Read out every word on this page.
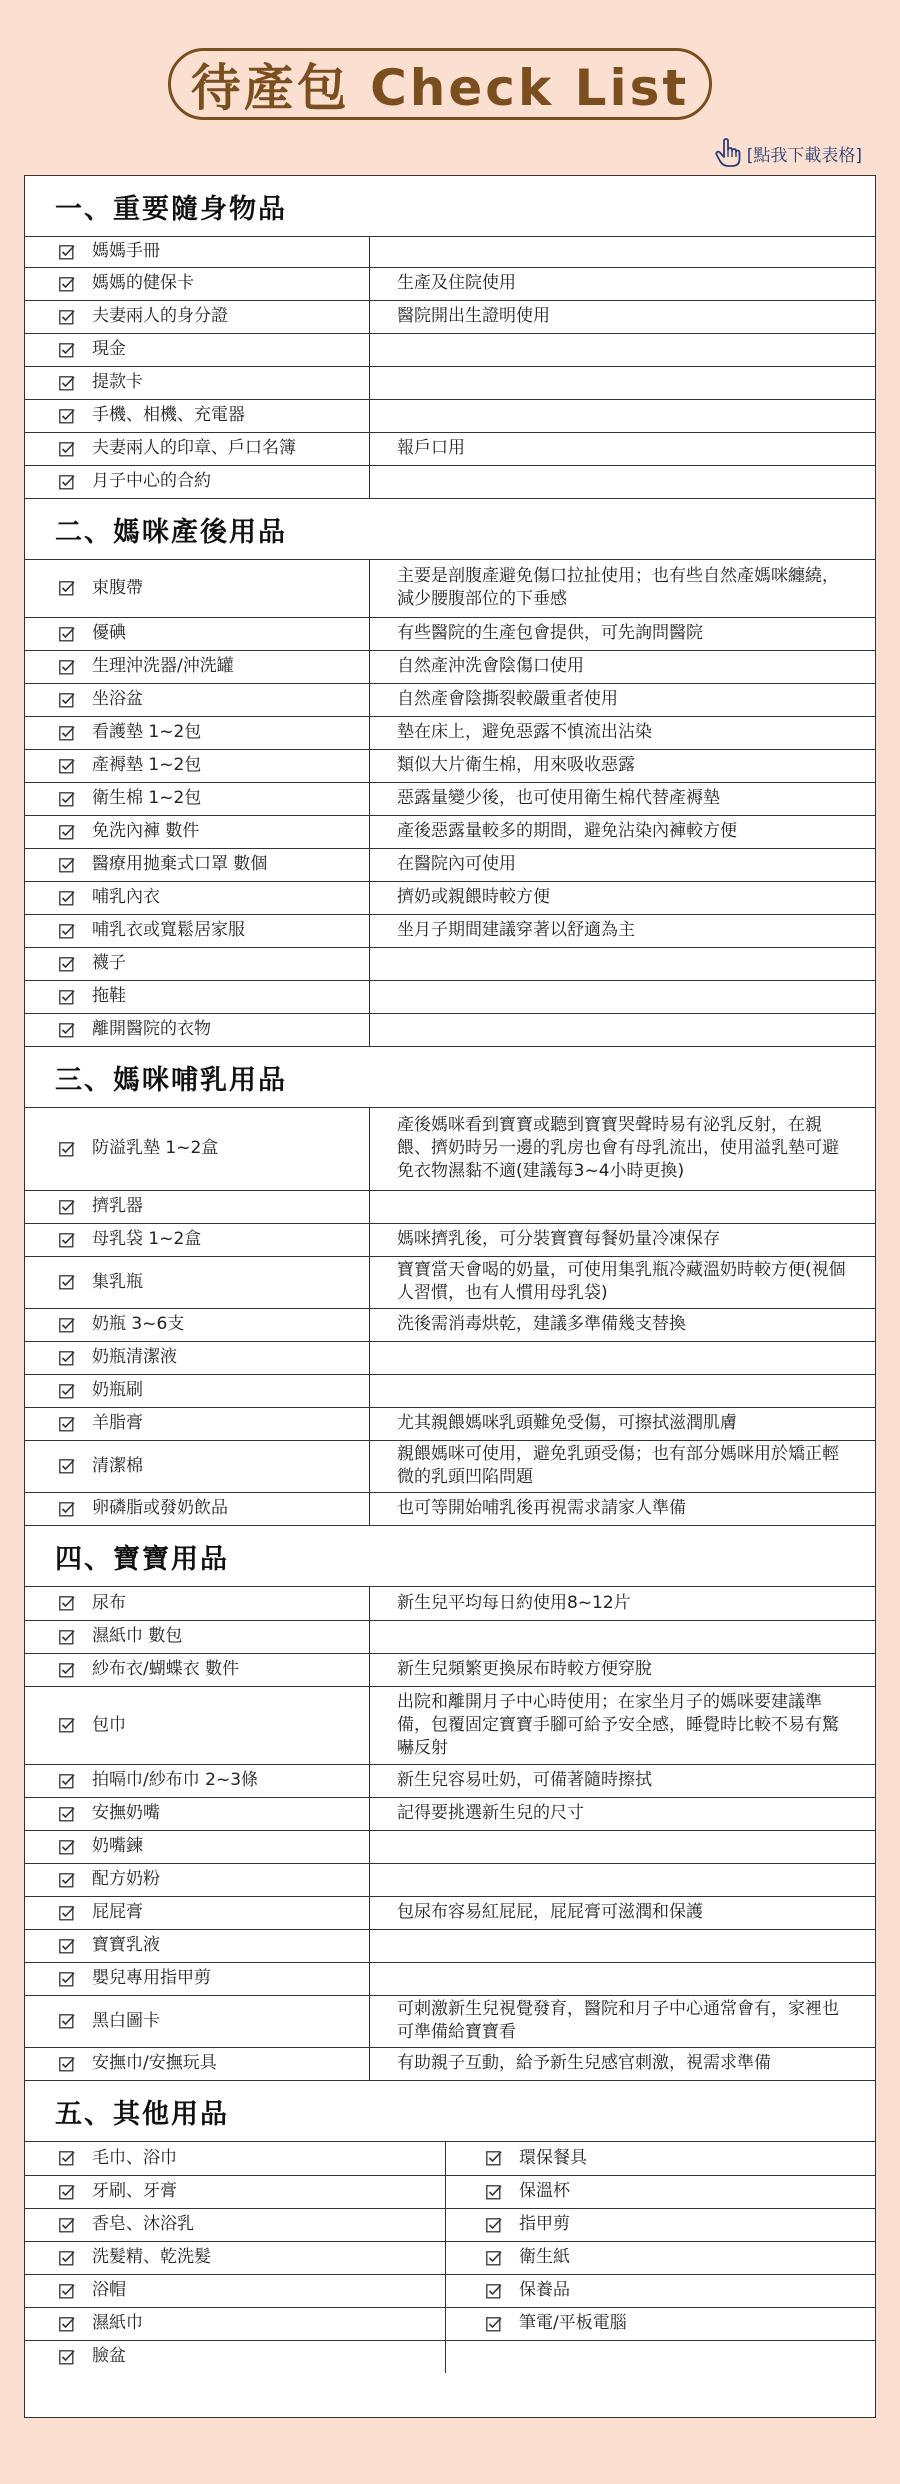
待產包 Check List
[點我下載表格]
一、重要隨身物品
媽媽手冊	

媽媽的健保卡	生產及住院使用

夫妻兩人的身分證	醫院開出生證明使用

現金	

提款卡	

手機、相機、充電器	

夫妻兩人的印章、戶口名簿	報戶口用

月子中心的合約	

二、媽咪產後用品
束腹帶	主要是剖腹產避免傷口拉扯使用；也有些自然產媽咪纏繞，減少腰腹部位的下垂感

優碘	有些醫院的生產包會提供，可先詢問醫院

生理沖洗器/沖洗罐	自然產沖洗會陰傷口使用

坐浴盆	自然產會陰撕裂較嚴重者使用

看護墊 1~2包	墊在床上，避免惡露不慎流出沾染

產褥墊 1~2包	類似大片衛生棉，用來吸收惡露

衛生棉 1~2包	惡露量變少後，也可使用衛生棉代替產褥墊

免洗內褲 數件	產後惡露量較多的期間，避免沾染內褲較方便

醫療用拋棄式口罩 數個	在醫院內可使用

哺乳內衣	擠奶或親餵時較方便

哺乳衣或寬鬆居家服	坐月子期間建議穿著以舒適為主

襪子	

拖鞋	

離開醫院的衣物	

三、媽咪哺乳用品
防溢乳墊 1~2盒	產後媽咪看到寶寶或聽到寶寶哭聲時易有泌乳反射，在親餵、擠奶時另一邊的乳房也會有母乳流出，使用溢乳墊可避免衣物濕黏不適(建議每3~4小時更換)

擠乳器	

母乳袋 1~2盒	媽咪擠乳後，可分裝寶寶每餐奶量冷凍保存

集乳瓶	寶寶當天會喝的奶量，可使用集乳瓶冷藏溫奶時較方便(視個人習慣，也有人慣用母乳袋)

奶瓶 3~6支	洗後需消毒烘乾，建議多準備幾支替換

奶瓶清潔液	

奶瓶刷	

羊脂膏	尤其親餵媽咪乳頭難免受傷，可擦拭滋潤肌膚

清潔棉	親餵媽咪可使用，避免乳頭受傷；也有部分媽咪用於矯正輕微的乳頭凹陷問題

卵磷脂或發奶飲品	也可等開始哺乳後再視需求請家人準備
四、寶寶用品
尿布	新生兒平均每日約使用8~12片

濕紙巾 數包	

紗布衣/蝴蝶衣 數件	新生兒頻繁更換尿布時較方便穿脫

包巾	出院和離開月子中心時使用；在家坐月子的媽咪要建議準備，包覆固定寶寶手腳可給予安全感，睡覺時比較不易有驚嚇反射

拍嗝巾/紗布巾 2~3條	新生兒容易吐奶，可備著隨時擦拭

安撫奶嘴	記得要挑選新生兒的尺寸

奶嘴鍊	

配方奶粉	

屁屁膏	包尿布容易紅屁屁，屁屁膏可滋潤和保護

寶寶乳液	

嬰兒專用指甲剪	

黑白圖卡	可刺激新生兒視覺發育，醫院和月子中心通常會有，家裡也可準備給寶寶看

安撫巾/安撫玩具	有助親子互動，給予新生兒感官刺激，視需求準備
五、其他用品
毛巾、浴巾	環保餐具

牙刷、牙膏	保溫杯

香皂、沐浴乳	指甲剪

洗髮精、乾洗髮	衛生紙

浴帽	保養品

濕紙巾	筆電/平板電腦

臉盆	
